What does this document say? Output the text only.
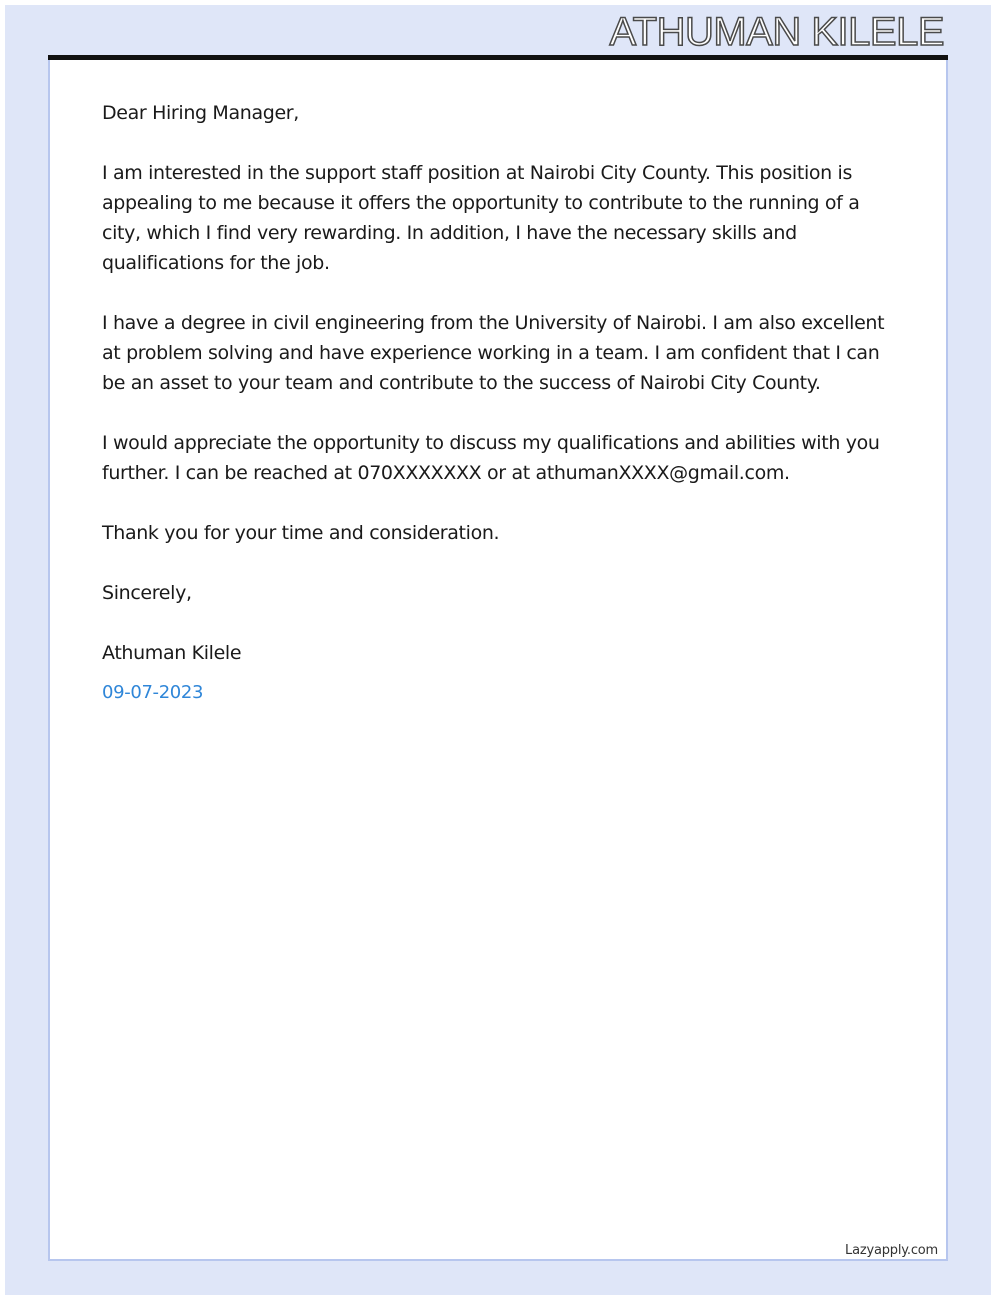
ATHUMAN KILELE

Dear Hiring Manager,

I am interested in the support staff position at Nairobi City County. This position is appealing to me because it offers the opportunity to contribute to the running of a city, which I find very rewarding. In addition, I have the necessary skills and qualifications for the job.

I have a degree in civil engineering from the University of Nairobi. I am also excellent at problem solving and have experience working in a team. I am confident that I can be an asset to your team and contribute to the success of Nairobi City County.

I would appreciate the opportunity to discuss my qualifications and abilities with you further. I can be reached at 070XXXXXXX or at athumanXXXX@gmail.com.

Thank you for your time and consideration.

Sincerely,

Athuman Kilele

09-07-2023
Lazyapply.com
